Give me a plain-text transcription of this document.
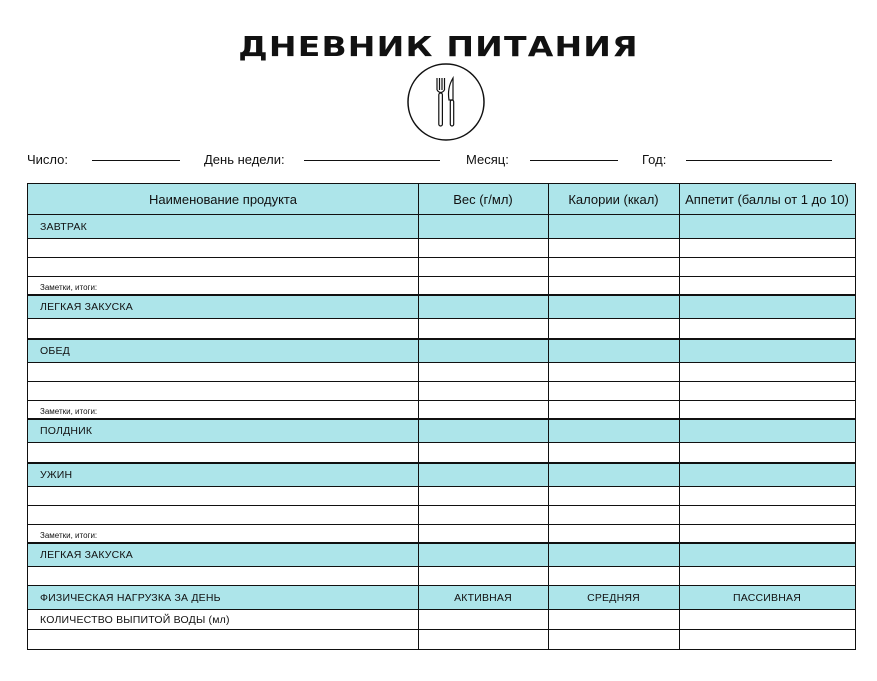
ДНЕВНИК ПИТАНИЯ
Число:	День недели:	Месяц:	Год:
Наименование продукта	Вес (г/мл)	Калории (ккал)	Аппетит (баллы от 1 до 10)
ЗАВТРАК
Заметки, итоги:
ЛЕГКАЯ ЗАКУСКА
ОБЕД
Заметки, итоги:
ПОЛДНИК
УЖИН
Заметки, итоги:
ЛЕГКАЯ ЗАКУСКА
ФИЗИЧЕСКАЯ НАГРУЗКА ЗА ДЕНЬ	АКТИВНАЯ	СРЕДНЯЯ	ПАССИВНАЯ
КОЛИЧЕСТВО ВЫПИТОЙ ВОДЫ (мл)
